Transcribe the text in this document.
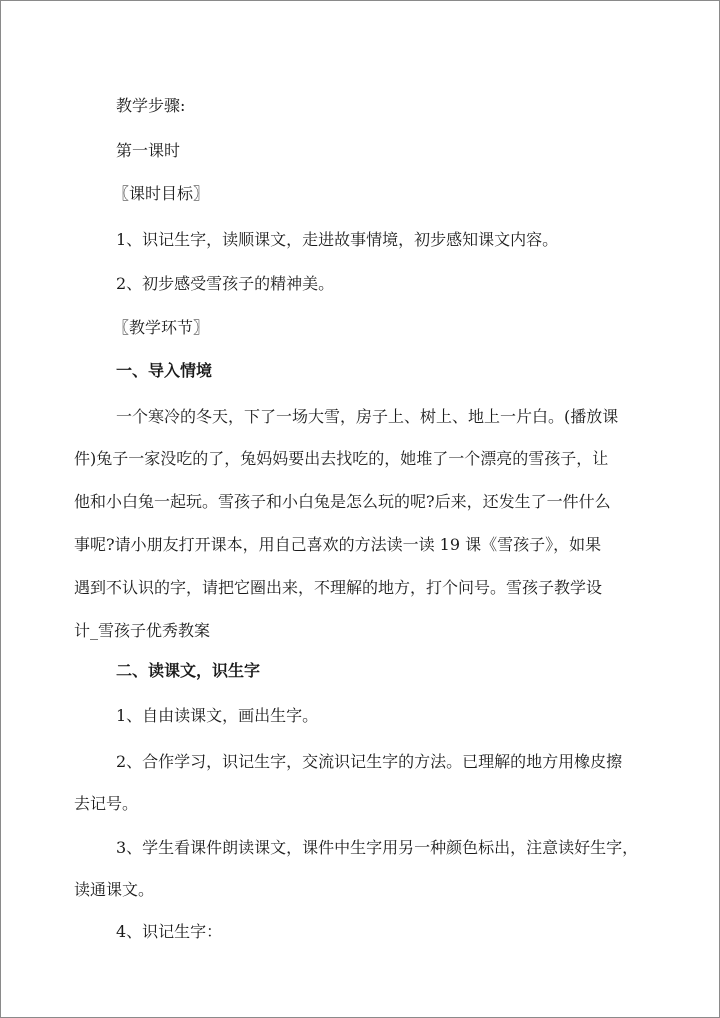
教学步骤:
第一课时
〖课时目标〗
1、识记生字，读顺课文，走进故事情境，初步感知课文内容。
2、初步感受雪孩子的精神美。
〖教学环节〗
一、导入情境
一个寒冷的冬天，下了一场大雪，房子上、树上、地上一片白。(播放课
件)兔子一家没吃的了，兔妈妈要出去找吃的，她堆了一个漂亮的雪孩子，让
他和小白兔一起玩。雪孩子和小白兔是怎么玩的呢?后来，还发生了一件什么
事呢?请小朋友打开课本，用自己喜欢的方法读一读 19 课《雪孩子》，如果
遇到不认识的字，请把它圈出来，不理解的地方，打个问号。雪孩子教学设
计_雪孩子优秀教案
二、读课文，识生字
1、自由读课文，画出生字。
2、合作学习，识记生字，交流识记生字的方法。已理解的地方用橡皮擦
去记号。
3、学生看课件朗读课文，课件中生字用另一种颜色标出，注意读好生字，
读通课文。
4、识记生字：
